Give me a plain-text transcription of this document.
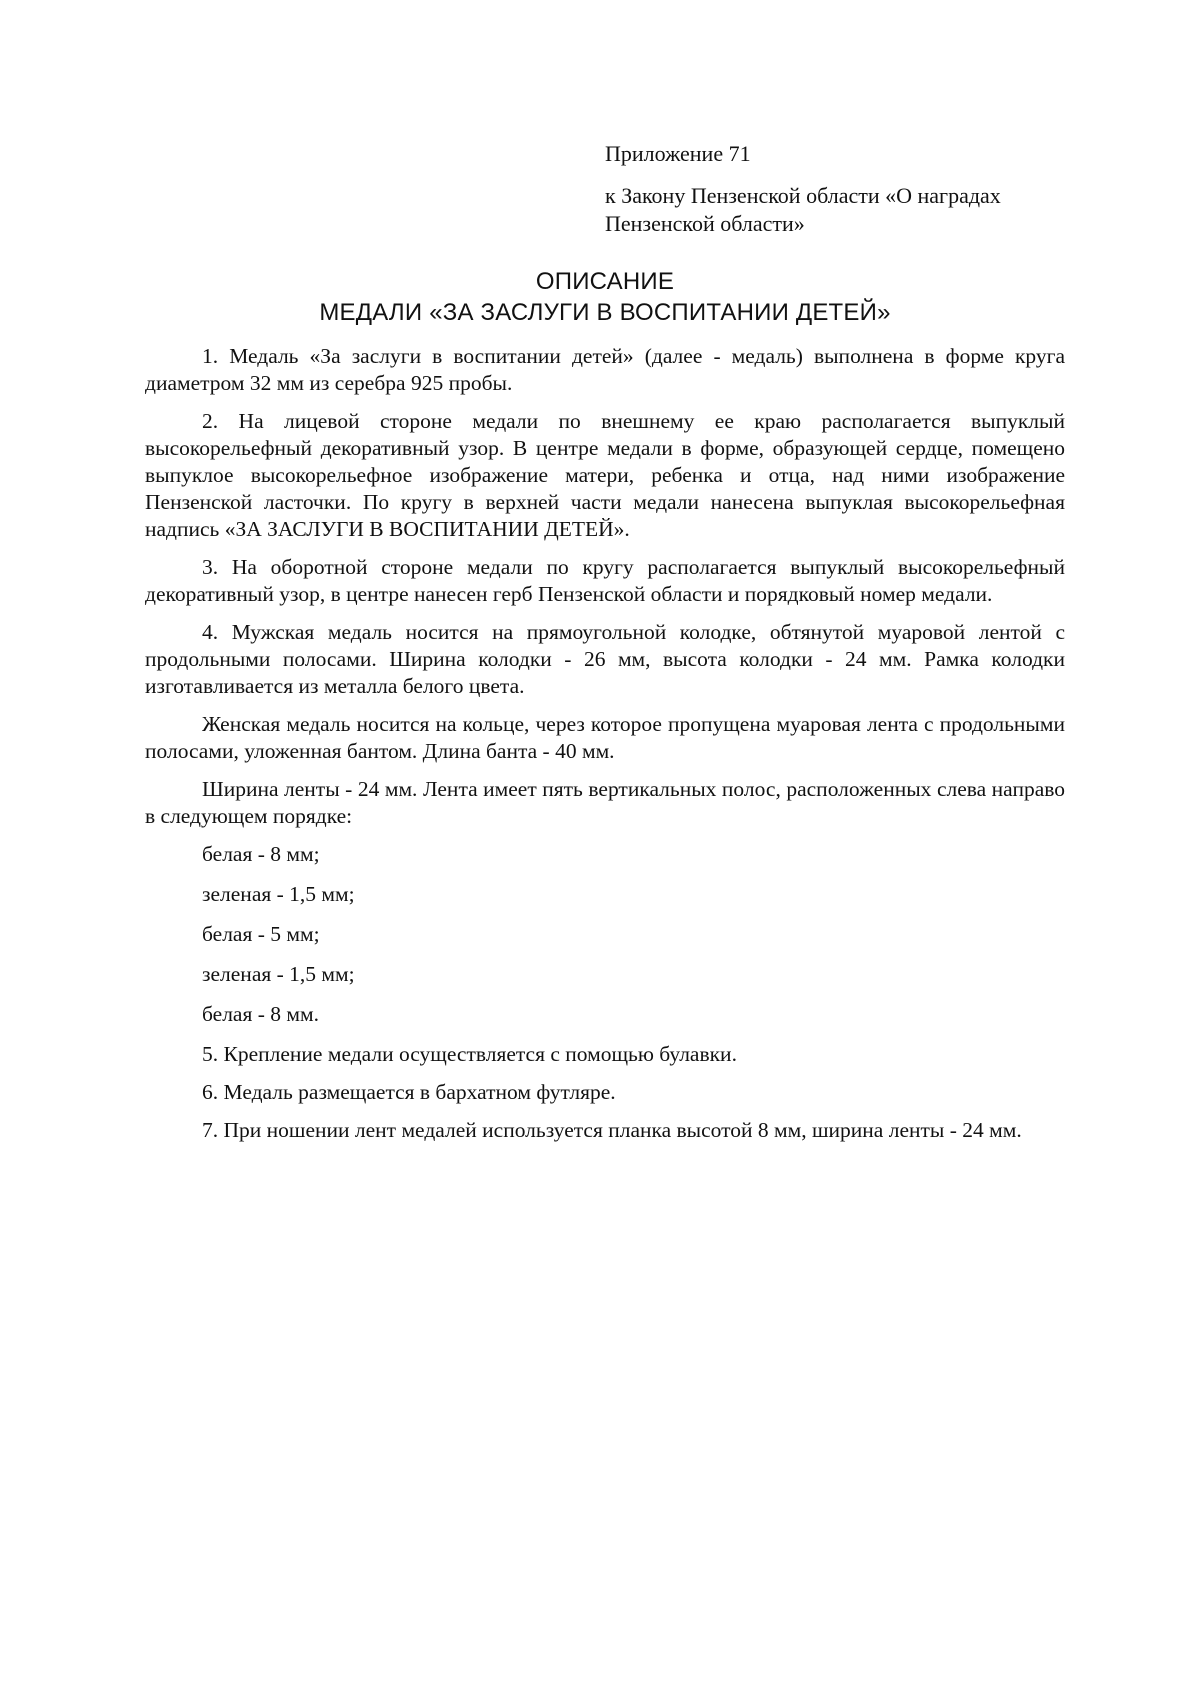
Приложение 71
к Закону Пензенской области «О наградах Пензенской области»
ОПИСАНИЕ
МЕДАЛИ «ЗА ЗАСЛУГИ В ВОСПИТАНИИ ДЕТЕЙ»

1. Медаль «За заслуги в воспитании детей» (далее - медаль) выполнена в форме круга диаметром 32 мм из серебра 925 пробы.

2. На лицевой стороне медали по внешнему ее краю располагается выпуклый высокорельефный декоративный узор. В центре медали в форме, образующей сердце, помещено выпуклое высокорельефное изображение матери, ребенка и отца, над ними изображение Пензенской ласточки. По кругу в верхней части медали нанесена выпуклая высокорельефная надпись «ЗА ЗАСЛУГИ В ВОСПИТАНИИ ДЕТЕЙ».

3. На оборотной стороне медали по кругу располагается выпуклый высокорельефный декоративный узор, в центре нанесен герб Пензенской области и порядковый номер медали.

4. Мужская медаль носится на прямоугольной колодке, обтянутой муаровой лентой с продольными полосами. Ширина колодки - 26 мм, высота колодки - 24 мм. Рамка колодки изготавливается из металла белого цвета.

Женская медаль носится на кольце, через которое пропущена муаровая лента с продольными полосами, уложенная бантом. Длина банта - 40 мм.

Ширина ленты - 24 мм. Лента имеет пять вертикальных полос, расположенных слева направо в следующем порядке:

белая - 8 мм;

зеленая - 1,5 мм;

белая - 5 мм;

зеленая - 1,5 мм;

белая - 8 мм.

5. Крепление медали осуществляется с помощью булавки.

6. Медаль размещается в бархатном футляре.

7. При ношении лент медалей используется планка высотой 8 мм, ширина ленты - 24 мм.
